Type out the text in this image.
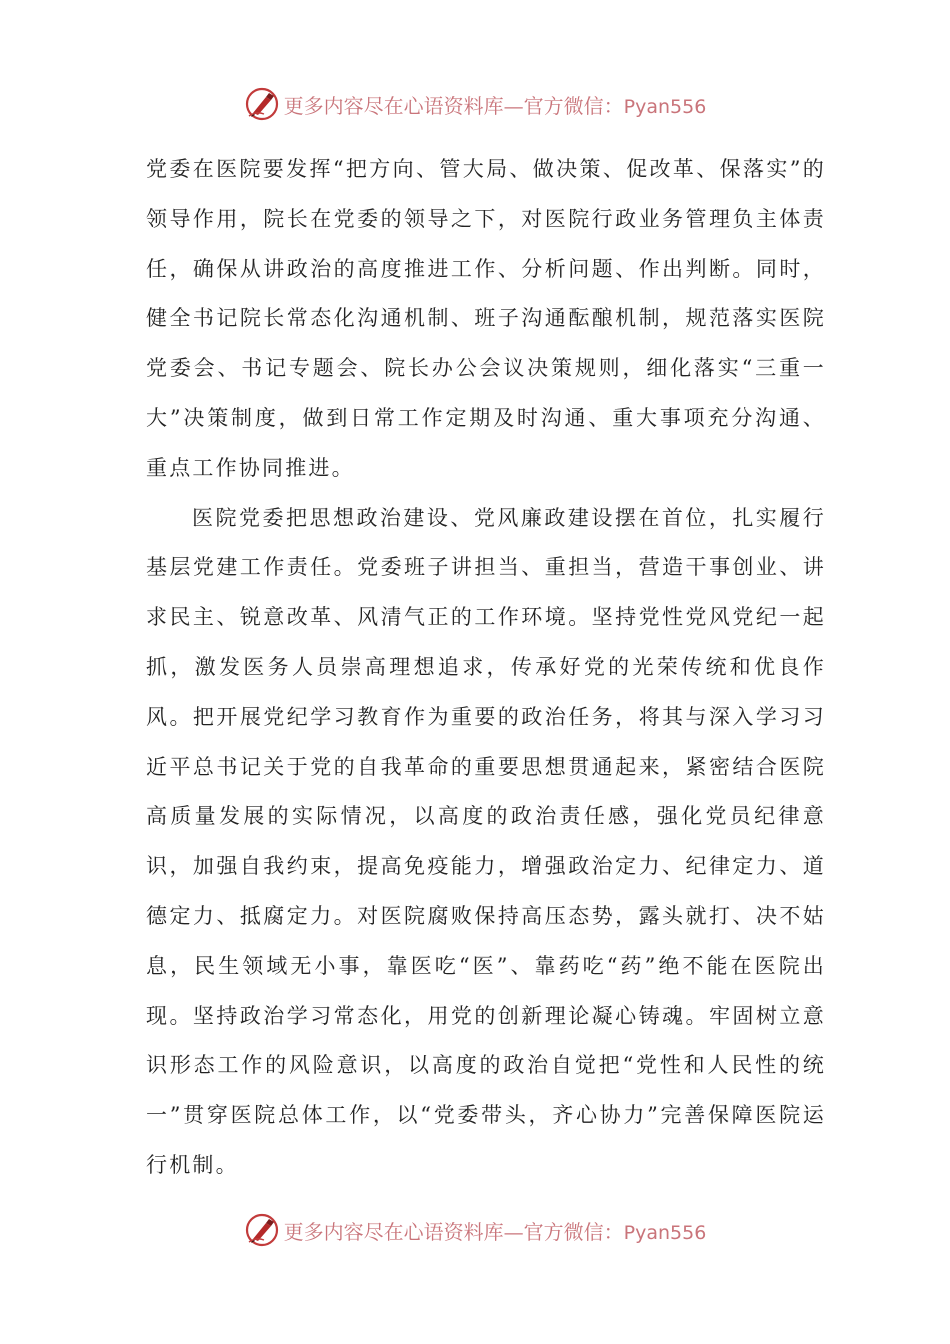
更多内容尽在心语资料库—官方微信：Pyan556

党委在医院要发挥“把方向、管大局、做决策、促改革、保落实”的领导作用，院长在党委的领导之下，对医院行政业务管理负主体责任，确保从讲政治的高度推进工作、分析问题、作出判断。同时，健全书记院长常态化沟通机制、班子沟通酝酿机制，规范落实医院党委会、书记专题会、院长办公会议决策规则，细化落实“三重一大”决策制度，做到日常工作定期及时沟通、重大事项充分沟通、重点工作协同推进。

医院党委把思想政治建设、党风廉政建设摆在首位，扎实履行基层党建工作责任。党委班子讲担当、重担当，营造干事创业、讲求民主、锐意改革、风清气正的工作环境。坚持党性党风党纪一起抓，激发医务人员崇高理想追求，传承好党的光荣传统和优良作风。把开展党纪学习教育作为重要的政治任务，将其与深入学习习近平总书记关于党的自我革命的重要思想贯通起来，紧密结合医院高质量发展的实际情况，以高度的政治责任感，强化党员纪律意识，加强自我约束，提高免疫能力，增强政治定力、纪律定力、道德定力、抵腐定力。对医院腐败保持高压态势，露头就打、决不姑息，民生领域无小事，靠医吃“医”、靠药吃“药”绝不能在医院出现。坚持政治学习常态化，用党的创新理论凝心铸魂。牢固树立意识形态工作的风险意识，以高度的政治自觉把“党性和人民性的统一”贯穿医院总体工作，以“党委带头，齐心协力”完善保障医院运行机制。

更多内容尽在心语资料库—官方微信：Pyan556
